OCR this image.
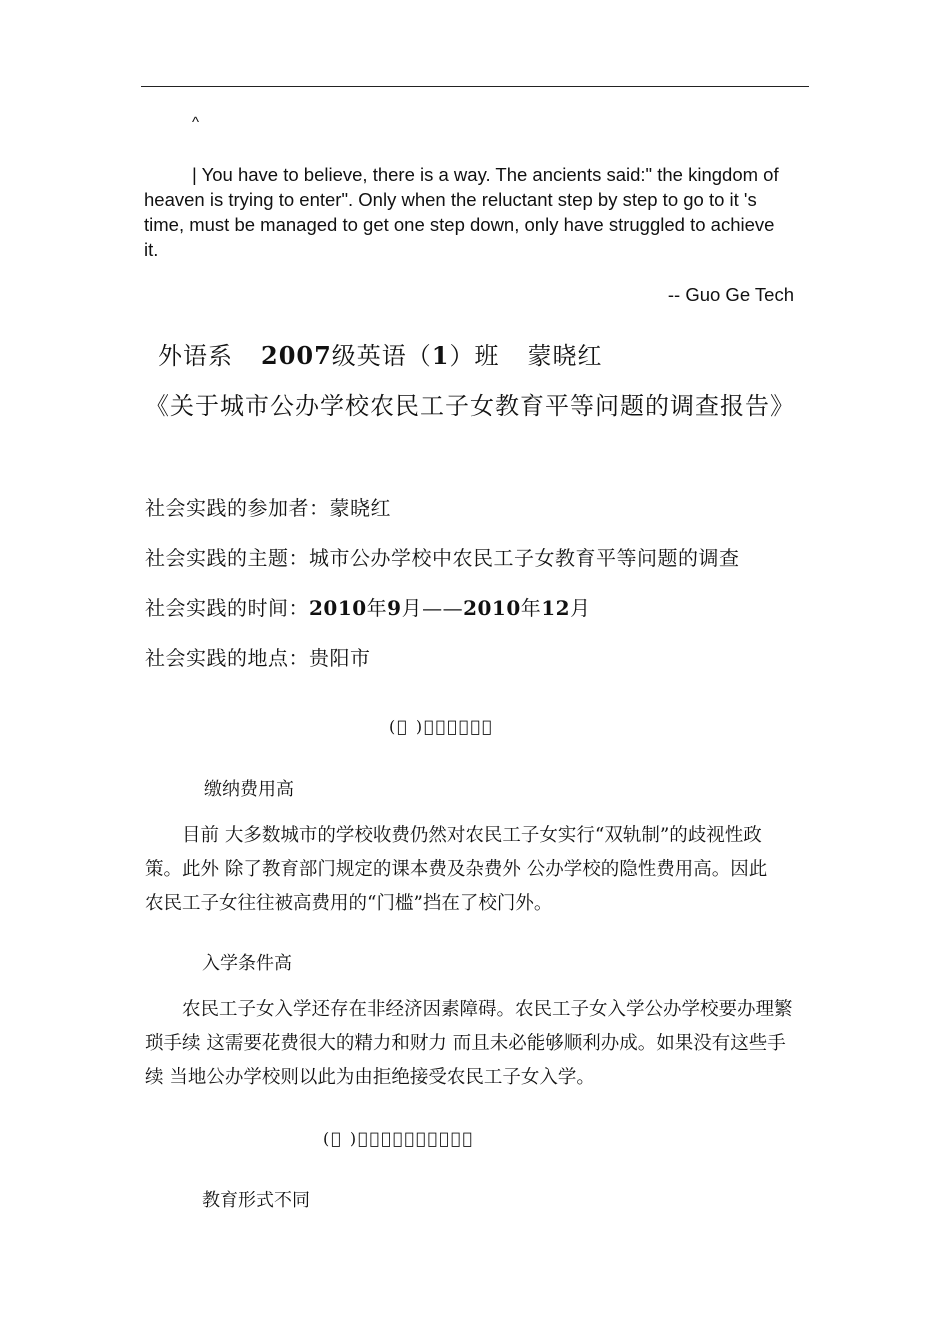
^
| You have to believe, there is a way. The ancients said:" the kingdom of
heaven is trying to enter". Only when the reluctant step by step to go to it 's
time, must be managed to get one step down, only have struggled to achieve
it.
-- Guo Ge Tech
外语系 2007级英语（1）班 蒙晓红
《关于城市公办学校农民工子女教育平等问题的调查报告》
社会实践的参加者：蒙晓红
社会实践的主题：城市公办学校中农民工子女教育平等问题的调查
社会实践的时间：2010年9月——2010年12月
社会实践的地点：贵阳市
(􀀀 )􀀀􀀀􀀀􀀀􀀀􀀀
缴纳费用高
目前 大多数城市的学校收费仍然对农民工子女实行“双轨制”的歧视性政
策。此外 除了教育部门规定的课本费及杂费外 公办学校的隐性费用高。因此
农民工子女往往被高费用的“门槛”挡在了校门外。
入学条件高
农民工子女入学还存在非经济因素障碍。农民工子女入学公办学校要办理繁
琐手续 这需要花费很大的精力和财力 而且未必能够顺利办成。如果没有这些手
续 当地公办学校则以此为由拒绝接受农民工子女入学。
(􀀀 )􀀀􀀀􀀀􀀀􀀀􀀀􀀀􀀀􀀀􀀀
教育形式不同
